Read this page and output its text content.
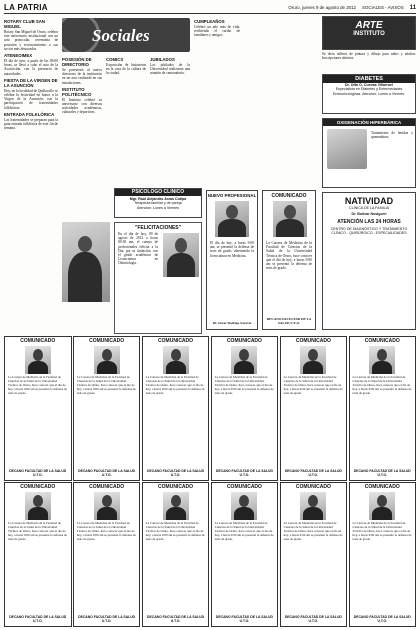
LA PATRIA	Oruro, jueves 9 de agosto de 2012 SOCIALES - AVISOS 11
ROTARY CLUB SAN MIGUEL

Rotary San Miguel de Oruro, celebra este aniversario institucional con un acto protocolar, ceremonia de posesión y reconocimiento a sus socios más destacados.

ATENEOIMEX

El día de ayer, a partir de las 09:00 horas, se llevó a cabo el acto de la Asociación, con la presencia de autoridades.

FIESTA DE LA VIRGEN DE LA ASUNCIÓN

Hoy, en la localidad de Quillacollo se celebra la festividad en honor a la Virgen de la Asunción, con la participación de fraternidades folklóricas.

ENTRADA FOLKLÓRICA

Las fraternidades se preparan para la gran entrada folklórica de este fin de semana.

Sociales
POSESIÓN DE DIRECTORIO

Se posesionó al nuevo directorio de la institución en un acto realizado en sus instalaciones.

INSTITUTO POLITÉCNICO

El Instituto celebró su aniversario con diversas actividades académicas, culturales y deportivas.

COMICS

Exposición de historietas en la casa de la cultura de la ciudad.

JUBILADOS

Los jubilados de la Universidad realizaron una reunión de camaradería.

CUMPLEAÑOS

Celebró un año más de vida, recibiendo el cariño de familiares y amigos.

PSICÓLOGO CLÍNICO
Mgr. Raúl Alejandro Arzas Cutipa
Terapeuta familiar y de pareja
Atención: Lunes a Viernes
"FELICITACIONES"
En el día de hoy, 09 de agosto de 2012 a horas 09:30 am, el cuerpo de profesionales felicita a la Dra. por su titulación, con el grado académico de Licenciatura en Odontología.
NUEVO PROFESIONAL
El día de hoy, a horas 9:00 am, se presentó la defensa de tesis de grado, obteniendo la licenciatura en Medicina.
Dr. Oscar Rodrigo Saravia
COMUNICADO
La Carrera de Medicina de la Facultad de Ciencias de la Salud de la Universidad Técnica de Oruro, hace conocer que el día de hoy, a horas 9:00 am se presentó la defensa de tesis de grado.
DECANO FACULTAD DE LA SALUD U.T.O.
ARTE
INSTITUTO
Se dicta talleres de pintura y dibujo para niños y adultos. Inscripciones abiertas.
DIABETES
Dr. Otto O. Cuevas Villarroel
Especialista en Diabetes y Enfermedades Endocrinológicas. Atención: Lunes a Viernes.
OXIGENACIÓN HIPERBÁRICA
Tratamiento de heridas y quemaduras.
NATIVIDAD
CLÍNICA DE LA FAMILIA
Dr. Bolivar Nosigorri
ATENCIÓN LAS 24 HORAS
CENTRO DE DIAGNÓSTICO Y TRATAMIENTO CLÍNICO - QUIRÚRGICO - ESPECIALIDADES
COMUNICADO
La Carrera de Medicina de la Facultad de Ciencias de la Salud de la Universidad Técnica de Oruro, hace conocer que el día de hoy, a horas 9:00 am se presentó la defensa de tesis de grado.
DECANO FACULTAD DE LA SALUD U.T.O.
COMUNICADO
La Carrera de Medicina de la Facultad de Ciencias de la Salud de la Universidad Técnica de Oruro, hace conocer que el día de hoy, a horas 9:00 am se presentó la defensa de tesis de grado.
DECANO FACULTAD DE LA SALUD U.T.O.
COMUNICADO
La Carrera de Medicina de la Facultad de Ciencias de la Salud de la Universidad Técnica de Oruro, hace conocer que el día de hoy, a horas 9:00 am se presentó la defensa de tesis de grado.
DECANO FACULTAD DE LA SALUD U.T.O.
COMUNICADO
La Carrera de Medicina de la Facultad de Ciencias de la Salud de la Universidad Técnica de Oruro, hace conocer que el día de hoy, a horas 9:00 am se presentó la defensa de tesis de grado.
DECANO FACULTAD DE LA SALUD U.T.O.
COMUNICADO
La Carrera de Medicina de la Facultad de Ciencias de la Salud de la Universidad Técnica de Oruro, hace conocer que el día de hoy, a horas 9:00 am se presentó la defensa de tesis de grado.
DECANO FACULTAD DE LA SALUD U.T.O.
COMUNICADO
La Carrera de Medicina de la Facultad de Ciencias de la Salud de la Universidad Técnica de Oruro, hace conocer que el día de hoy, a horas 9:00 am se presentó la defensa de tesis de grado.
DECANO FACULTAD DE LA SALUD U.T.O.
COMUNICADO
La Carrera de Medicina de la Facultad de Ciencias de la Salud de la Universidad Técnica de Oruro, hace conocer que el día de hoy, a horas 9:00 am se presentó la defensa de tesis de grado.
DECANO FACULTAD DE LA SALUD U.T.O.
COMUNICADO
La Carrera de Medicina de la Facultad de Ciencias de la Salud de la Universidad Técnica de Oruro, hace conocer que el día de hoy, a horas 9:00 am se presentó la defensa de tesis de grado.
DECANO FACULTAD DE LA SALUD U.T.O.
COMUNICADO
La Carrera de Medicina de la Facultad de Ciencias de la Salud de la Universidad Técnica de Oruro, hace conocer que el día de hoy, a horas 9:00 am se presentó la defensa de tesis de grado.
DECANO FACULTAD DE LA SALUD U.T.O.
COMUNICADO
La Carrera de Medicina de la Facultad de Ciencias de la Salud de la Universidad Técnica de Oruro, hace conocer que el día de hoy, a horas 9:00 am se presentó la defensa de tesis de grado.
DECANO FACULTAD DE LA SALUD U.T.O.
COMUNICADO
La Carrera de Medicina de la Facultad de Ciencias de la Salud de la Universidad Técnica de Oruro, hace conocer que el día de hoy, a horas 9:00 am se presentó la defensa de tesis de grado.
DECANO FACULTAD DE LA SALUD U.T.O.
COMUNICADO
La Carrera de Medicina de la Facultad de Ciencias de la Salud de la Universidad Técnica de Oruro, hace conocer que el día de hoy, a horas 9:00 am se presentó la defensa de tesis de grado.
DECANO FACULTAD DE LA SALUD U.T.O.
